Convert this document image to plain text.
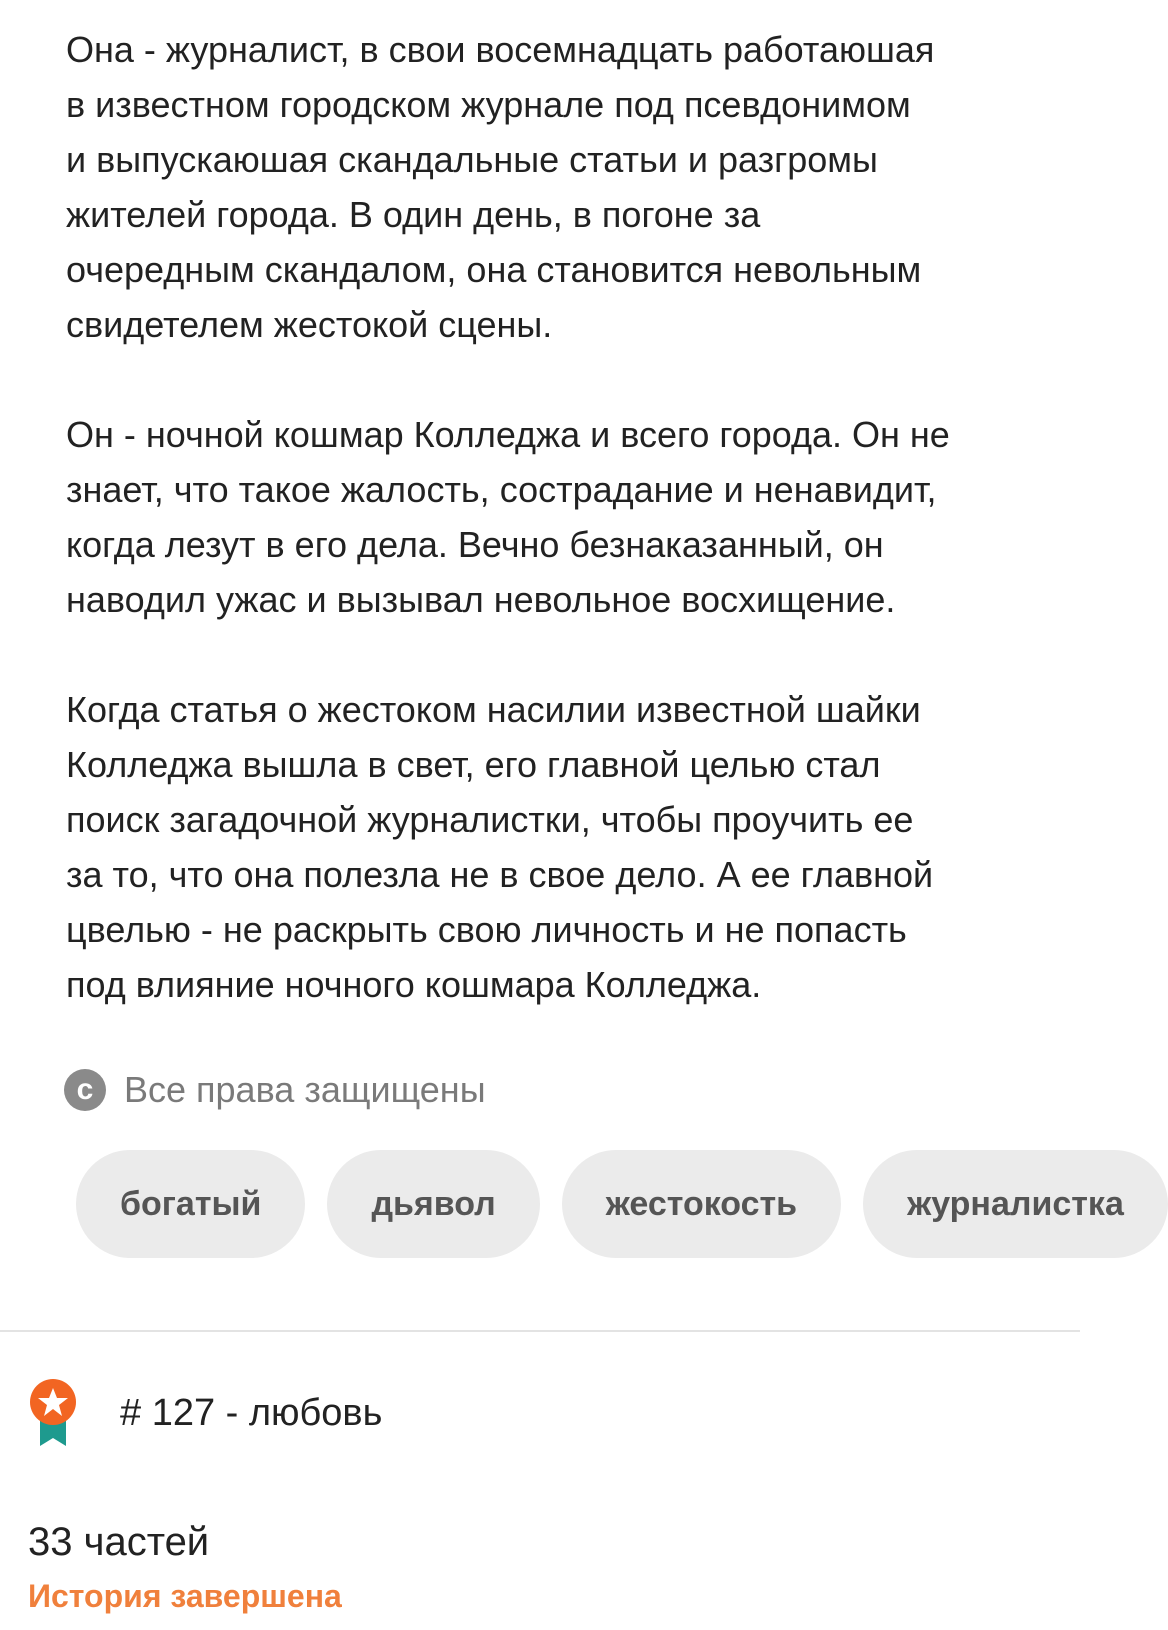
Она - журналист, в свои восемнадцать работаюшая
в известном городском журнале под псевдонимом
и выпускаюшая скандальные статьи и разгромы
жителей города. В один день, в погоне за
очередным скандалом, она становится невольным
свидетелем жестокой сцены.

Он - ночной кошмар Колледжа и всего города. Он не
знает, что такое жалость, сострадание и ненавидит,
когда лезут в его дела. Вечно безнаказанный, он
наводил ужас и вызывал невольное восхищение.

Когда статья о жестоком насилии известной шайки
Колледжа вышла в свет, его главной целью стал
поиск загадочной журналистки, чтобы проучить ее
за то, что она полезла не в свое дело. А ее главной
цвелью - не раскрыть свою личность и не попасть
под влияние ночного кошмара Колледжа.

c Все права защищены
богатый	дьявол	жестокость	журналистка
# 127 - любовь
33 частей
История завершена
